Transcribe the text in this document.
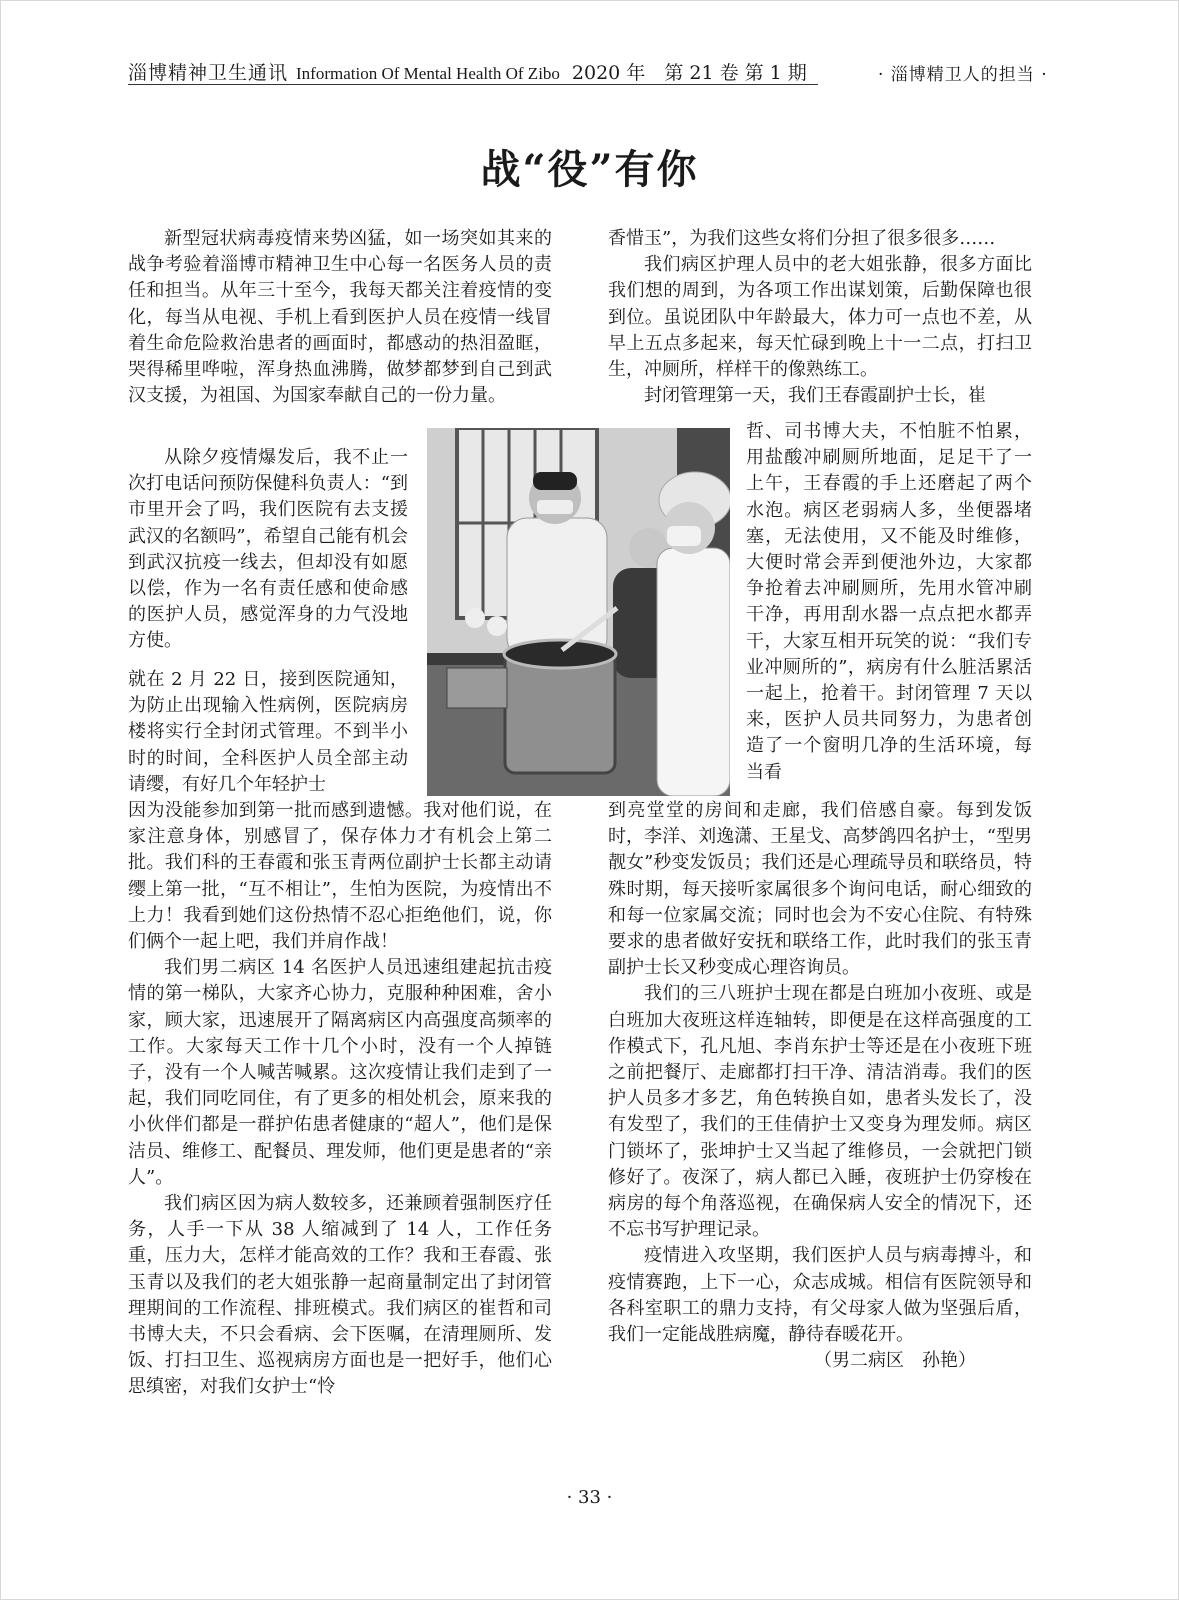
淄博精神卫生通讯 Information Of Mental Health Of Zibo 2020 年　第 21 卷 第 1 期	· 淄博精卫人的担当 ·
战“役”有你

新型冠状病毒疫情来势凶猛，如一场突如其来的战争考验着淄博市精神卫生中心每一名医务人员的责任和担当。从年三十至今，我每天都关注着疫情的变化，每当从电视、手机上看到医护人员在疫情一线冒着生命危险救治患者的画面时，都感动的热泪盈眶，哭得稀里哗啦，浑身热血沸腾，做梦都梦到自己到武汉支援，为祖国、为国家奉献自己的一份力量。

从除夕疫情爆发后，我不止一次打电话问预防保健科负责人：“到市里开会了吗，我们医院有去支援武汉的名额吗”，希望自己能有机会到武汉抗疫一线去，但却没有如愿以偿，作为一名有责任感和使命感的医护人员，感觉浑身的力气没地方使。

就在 2 月 22 日，接到医院通知，为防止出现输入性病例，医院病房楼将实行全封闭式管理。不到半小时的时间，全科医护人员全部主动请缨，有好几个年轻护士

因为没能参加到第一批而感到遗憾。我对他们说，在家注意身体，别感冒了，保存体力才有机会上第二批。我们科的王春霞和张玉青两位副护士长都主动请缨上第一批，“互不相让”，生怕为医院，为疫情出不上力！我看到她们这份热情不忍心拒绝他们，说，你们俩个一起上吧，我们并肩作战！

我们男二病区 14 名医护人员迅速组建起抗击疫情的第一梯队，大家齐心协力，克服种种困难，舍小家，顾大家，迅速展开了隔离病区内高强度高频率的工作。大家每天工作十几个小时，没有一个人掉链子，没有一个人喊苦喊累。这次疫情让我们走到了一起，我们同吃同住，有了更多的相处机会，原来我的小伙伴们都是一群护佑患者健康的“超人”，他们是保洁员、维修工、配餐员、理发师，他们更是患者的“亲人”。

我们病区因为病人数较多，还兼顾着强制医疗任务，人手一下从 38 人缩减到了 14 人，工作任务重，压力大，怎样才能高效的工作？我和王春霞、张玉青以及我们的老大姐张静一起商量制定出了封闭管理期间的工作流程、排班模式。我们病区的崔哲和司书博大夫，不只会看病、会下医嘱，在清理厕所、发饭、打扫卫生、巡视病房方面也是一把好手，他们心思缜密，对我们女护士“怜

香惜玉”，为我们这些女将们分担了很多很多……

我们病区护理人员中的老大姐张静，很多方面比我们想的周到，为各项工作出谋划策，后勤保障也很到位。虽说团队中年龄最大，体力可一点也不差，从早上五点多起来，每天忙碌到晚上十一二点，打扫卫生，冲厕所，样样干的像熟练工。

封闭管理第一天，我们王春霞副护士长，崔

哲、司书博大夫，不怕脏不怕累，用盐酸冲刷厕所地面，足足干了一上午，王春霞的手上还磨起了两个水泡。病区老弱病人多，坐便器堵塞，无法使用，又不能及时维修，大便时常会弄到便池外边，大家都争抢着去冲刷厕所，先用水管冲刷干净，再用刮水器一点点把水都弄干，大家互相开玩笑的说：“我们专业冲厕所的”，病房有什么脏活累活一起上，抢着干。封闭管理 7 天以来，医护人员共同努力，为患者创造了一个窗明几净的生活环境，每当看

到亮堂堂的房间和走廊，我们倍感自豪。每到发饭时，李洋、刘逸潇、王星戈、高梦鸽四名护士，“型男靓女”秒变发饭员；我们还是心理疏导员和联络员，特殊时期，每天接听家属很多个询问电话，耐心细致的和每一位家属交流；同时也会为不安心住院、有特殊要求的患者做好安抚和联络工作，此时我们的张玉青副护士长又秒变成心理咨询员。

我们的三八班护士现在都是白班加小夜班、或是白班加大夜班这样连轴转，即便是在这样高强度的工作模式下，孔凡旭、李肖东护士等还是在小夜班下班之前把餐厅、走廊都打扫干净、清洁消毒。我们的医护人员多才多艺，角色转换自如，患者头发长了，没有发型了，我们的王佳倩护士又变身为理发师。病区门锁坏了，张坤护士又当起了维修员，一会就把门锁修好了。夜深了，病人都已入睡，夜班护士仍穿梭在病房的每个角落巡视，在确保病人安全的情况下，还不忘书写护理记录。

疫情进入攻坚期，我们医护人员与病毒搏斗，和疫情赛跑，上下一心，众志成城。相信有医院领导和各科室职工的鼎力支持，有父母家人做为坚强后盾，我们一定能战胜病魔，静待春暖花开。

（男二病区　孙艳）

· 33 ·
